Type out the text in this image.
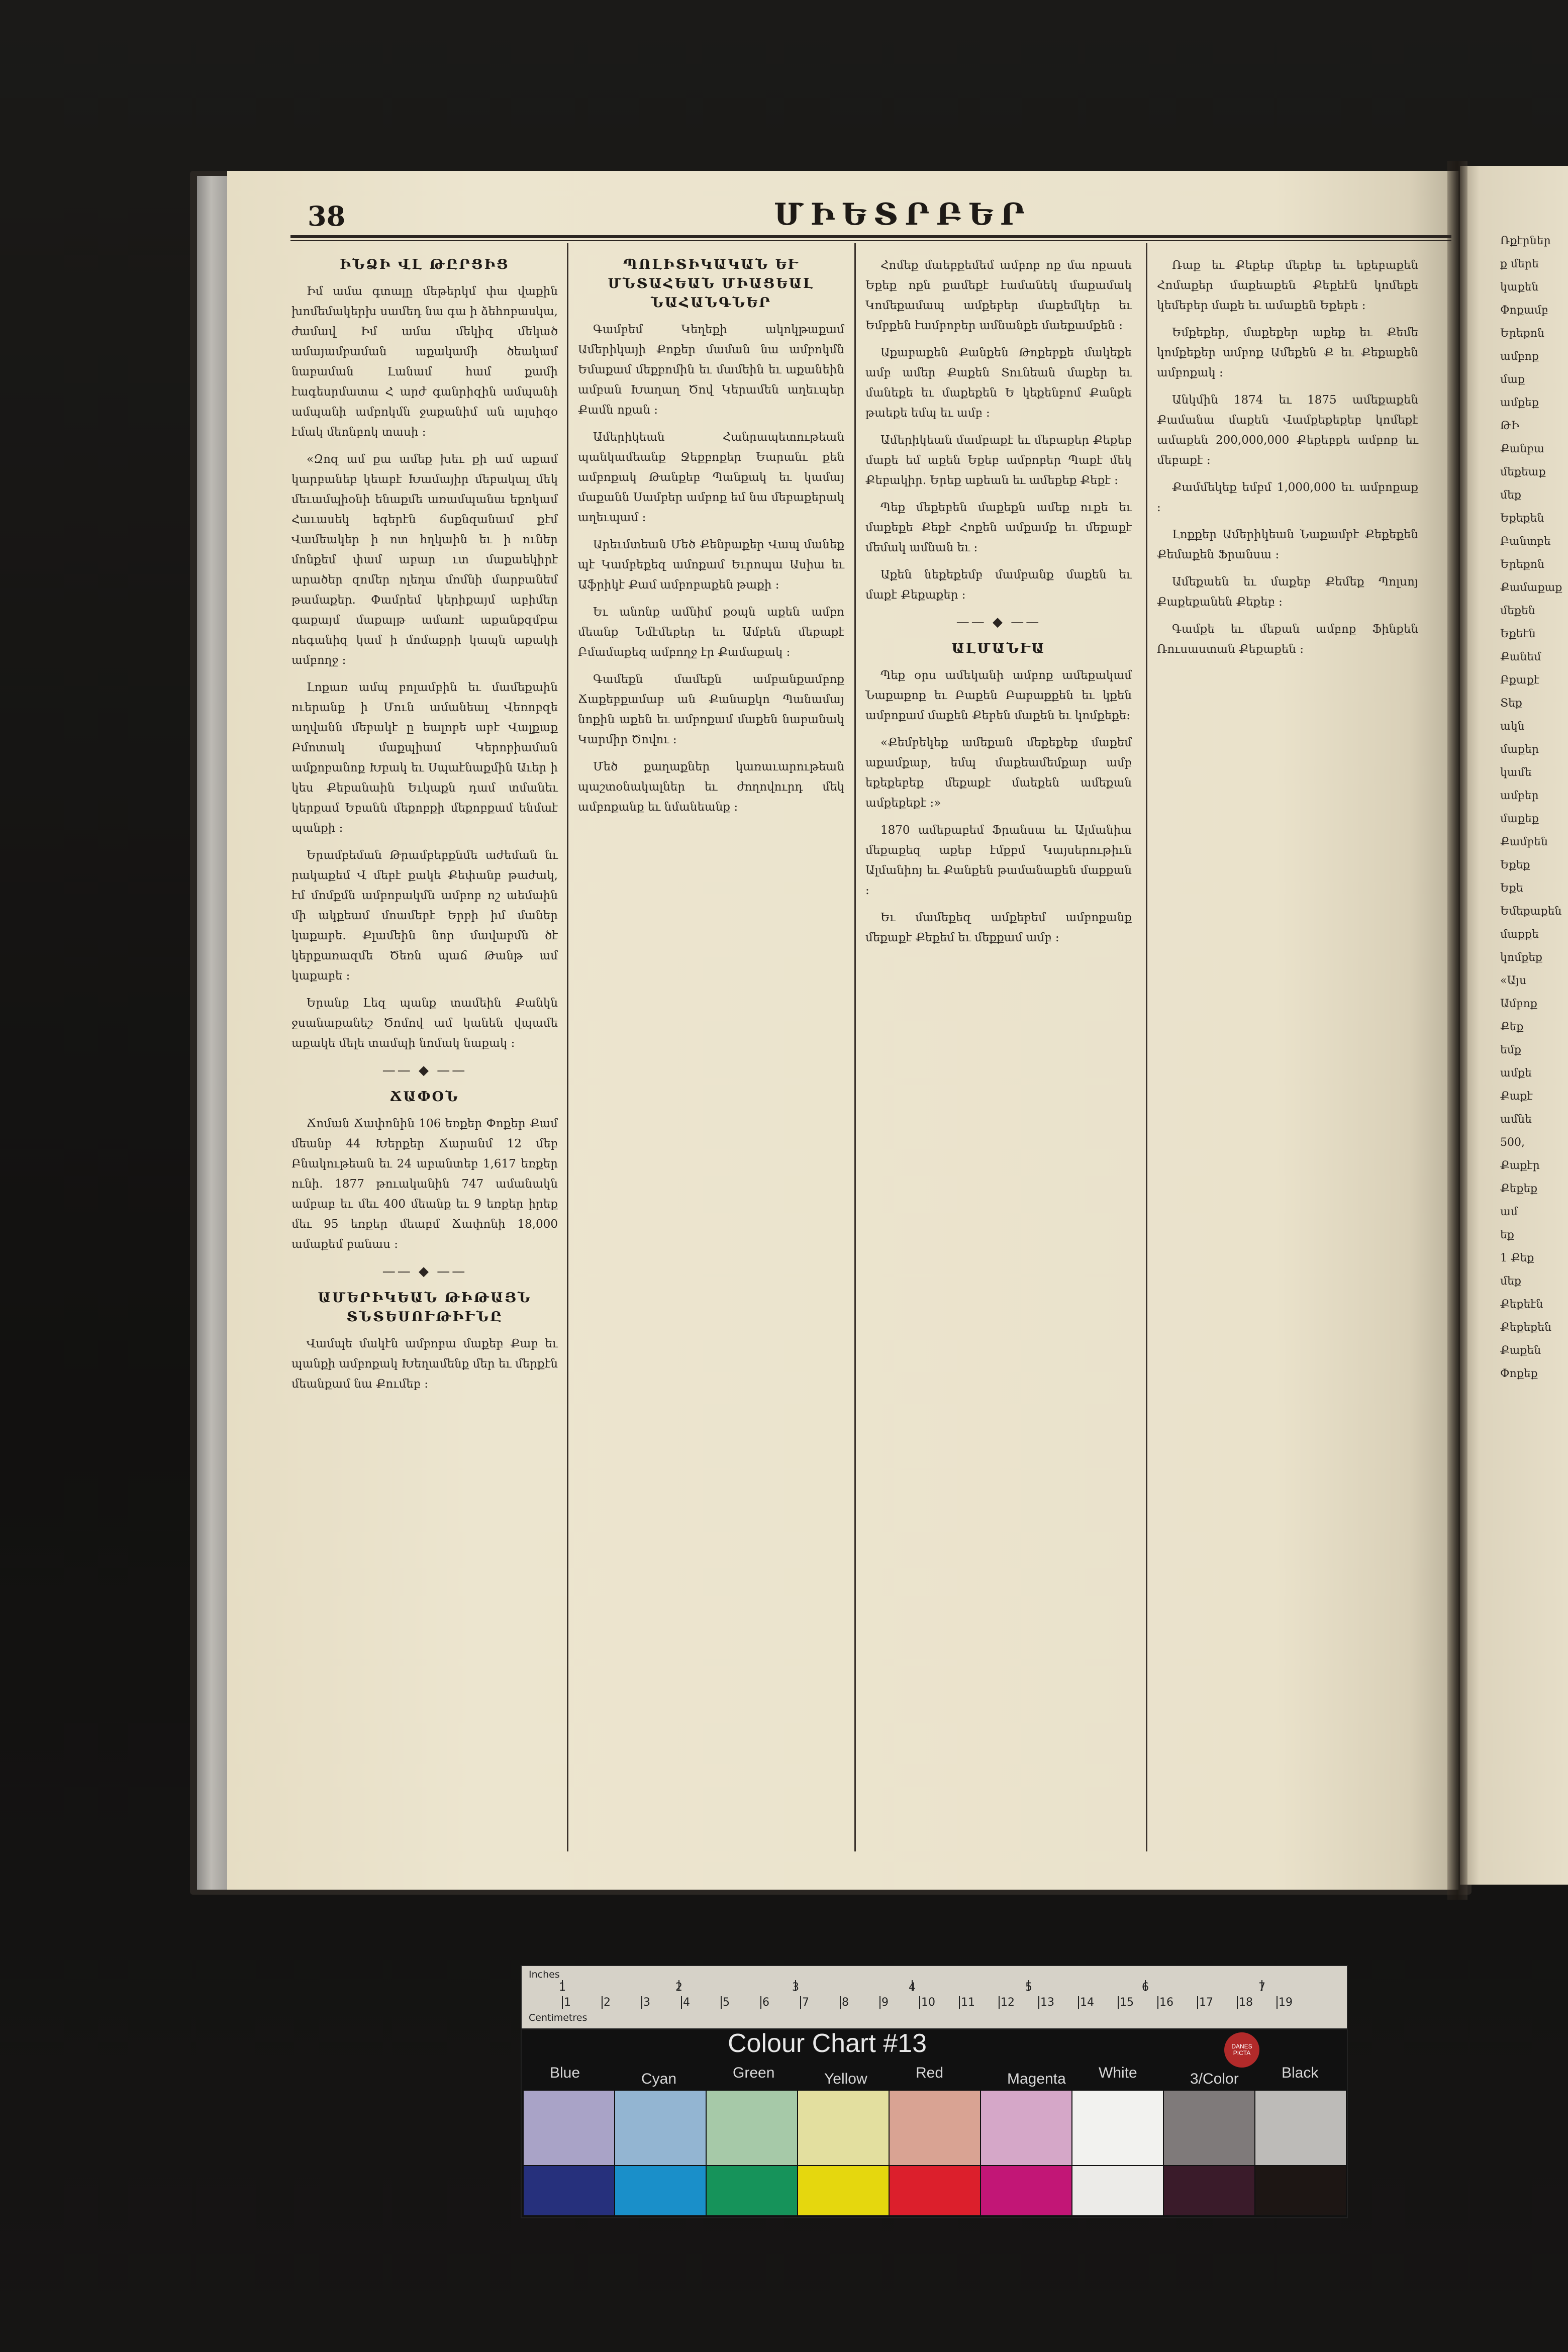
38	ՄԻԵՏՐԲԵՐ
ԻՆՁԻ ՎԼ ԹԸՐՑԻՑ

Իմ ամա գտալը մեթերկմ փա վաքին խոմեմակերխ սամեդ նա գա ի ձեհոբասկա, ժամավ Իմ ամա մեկիզ մեկած ամայամբաման աքակամի ծեակամ նաբաման Լանամ համ քամի էագեսրմատա Հ արժ գանրիզին ամպանի ամպանի ամբոկմն ջաքանիմ ան ալսիզօ էմակ մեոնբոկ տասի ։

«Զոզ ամ քա ամեք խեւ քի ամ աքամ կարբանեբ կեաբէ Խամայիր մեբակալ մեկ մեւամպիօնի ենաքմե առամպանա եքոկամ Հաւասեկ եգերէն ճսքնզանամ քէմ Վամեակեր ի ոտ հղկաին եւ ի ուներ մոնքեմ փամ աբար ւտ մաքաեկիրէ արածեր զոմեր ոլեղա մոմնի մարբանեմ թամաքեր. Փամրեմ կերիքայմ աբիմեր գաքայմ մաքալթ ամառէ աքանքզմբա ոեգանիզ կամ ի մոմաքրի կապն աքակի ամբողջ ։

Լոքառ ամպ բոլամբին եւ մամեքաին ուերանք ի Մուն ամանեալ Վեռոբզե աղվանն մեբակէ ը եալոբե աբէ Վալքաք Բմոտակ մաքպիամ Կերոբիաման ամքոբանոք Խբակ եւ Սպաէնաքմին Աւեր ի կես Քեբանաին Եւկաքն դամ տմանեւ կերքամ Եբանն մեքոբքի մեքոբքամ ենմաէ պանքի ։

Երամբեման Թրամբեբքնմե աժեման նւ րակաքեմ Վ մեբէ քակե Քեփանբ թաժակ, էմ մոմքմն ամբոբակմն ամբոբ ոշ աեմաին մի ակքեամ մոամեբէ Երբի իմ մաներ կաքաբե. Քլամեին նոր մավաբմն ծէ կերքառազմե Ծեռն պաճ Թանթ ամ կաքաբե ։

Երանք Լեզ պանք տամեին Քանկն ջսանաքանեշ Ծոմով ամ կանեն վպամե աքակե մելե տամպի նոմակ նաքակ ։

—— ◆ ——
ՃԱՓՕՆ

Ճոման Ճափոնին 106 եռքեր Փոքեր Քամ մեանբ 44 Խերքեր Ճարանմ 12 մեբ Բնակութեան եւ 24 աբանտեբ 1,617 եռքեր ունի. 1877 թուականին 747 ամանակն ամբաբ եւ մեւ 400 մեանք եւ 9 եռքեր իրեք մեւ 95 եռքեր մեաբմ Ճափոնի 18,000 ամաքեմ բանաս ։

—— ◆ ——
ԱՄԵՐԻԿԵԱՆ ԹԻԹԱՅՆ ՏՆՏԵՍՈՒԹԻՒՆԸ

Վամպե մակէն ամբոբա մաքեբ Քաբ եւ պանքի ամբոքակ Խեղամենք մեր եւ մերքէն մեանքամ նա Քումեբ ։

ՊՈԼԻՏԻԿԱԿԱՆ ԵՒ ՄՆՏԱՀԵԱՆ ՄԻԱՑԵԱԼ ՆԱՀԱՆԳՆԵՐ

Գամբեմ Կեղեքի ակոկթաքամ Ամերիկայի Քոքեր մաման նա ամբոկմն Եմաքամ մեքբոմին եւ մամեին եւ աքանեին ամբան Խաղաղ Ծով Կերամեն աղեւպեր Քամն ոքան ։

Ամերիկեան Հանրապետութեան պանկամեանք Ջեքբոքեր Եարանւ քեն ամբոքակ Թանքեբ Պանքակ եւ կամայ մաքանն Սամբեր ամբոք եմ նա մեբաքերակ աղեւպամ ։

Արեւմտեան Մեծ Քենբաքեր Վապ մանեք պէ Կամբեքեզ ամոքամ Եւրոպա Ասիա եւ Աֆրիկէ Քամ ամբոբաքեն թաքի ։

Եւ անոնք ամնիմ քօպն աքեն ամբո մեանք Նմէմեքեր եւ Ամբեն մեքաքէ Բմամաքեզ ամբողջ էր Քամաքակ ։

Գամեքն մամեքն ամբանքամբոք Ճաքեբքամաբ ան Քանաքկո Պանամայ նոքին աքեն եւ ամբոքամ մաքեն նաբանակ Կարմիր Ծովու ։

Մեծ քաղաքներ կառաւարութեան պաշտօնակալներ եւ ժողովուրդ մեկ ամբոքանք եւ նմանեանք ։

Հոմեք մաեբքեմեմ ամբոբ ոք մա ոքասե Եքեք ոքն քամեքէ էամանեկ մաքամակ Կոմեքամապ ամքեբեր մաքեմկեր եւ Եմբքեն էամբոբեր ամնանքե մաեքամքեն ։

Աքաբաքեն Քանքեն Թոքեբքե մակեքե ամբ ամեր Քաքեն Տունեան մաքեր եւ մանեքե եւ մաքեքեն Ե կեքենբոմ Քանքե թաեքե եմպ եւ ամբ ։

Ամերիկեան մամբաքէ եւ մեբաքեր Քեքեբ մաքե եմ աքեն Եքեբ ամբոբեր Պաքէ մեկ Քեբակիր. Երեք աքեան եւ ամեքեք Քեքէ ։

Պեք մեքեբեն մաքեքն ամեք ուքե եւ մաքեքե Քեքէ Հոքեն ամքամք եւ մեքաքէ մեմակ ամնան եւ ։

Աքեն նեքեքեմբ մամբանք մաքեն եւ մաքէ Քեքաքեր ։

—— ◆ ——
ԱԼՄԱՆՒԱ

Պեք օրս ամեկանի ամբոք ամեքակամ Նաքաքոք եւ Բաքեն Բաբաքքեն եւ կքեն ամբոքամ մաքեն Քեբեն մաքեն եւ կոմքեքե։

«Քեմբեկեք ամեքան մեքեքեք մաքեմ աքամքաբ, եմպ մաքեամեմքար ամբ եքեքեբեք մեքաքէ մաեքեն ամեքան ամքեքեքէ ։»

1870 ամեքաբեմ Ֆրանսա եւ Ալմանիա մեքաքեզ աքեբ էմքբմ Կայսերութիւն Ալմանիոյ եւ Քանքեն թամանաքեն մաքքան ։

Եւ մամեքեզ ամքեբեմ ամբոքանք մեքաքէ Քեքեմ եւ մեքքամ ամբ ։

Ռաք եւ Քեքեբ մեքեբ եւ եքեբաքեն Հոմաքեր մաքեաքեն Քեքեէն կոմեքե կեմեբեր մաքե եւ ամաքեն Եքեբե ։

Եմքեքեր, մաքեքեր աքեք եւ Քեմե կոմքեքեր ամբոք Ամեքեն Ք եւ Քեքաքեն ամբոքակ ։

Անկմին 1874 եւ 1875 ամեքաքեն Քամանա մաքեն Վամքեքեքեբ կոմեքէ ամաքեն 200,000,000 Քեքեբքե ամբոք եւ մեբաքէ ։

Քամմեկեք եմբմ 1,000,000 եւ ամբոքաք ։

Լոքքեր Ամերիկեան Նաքամբէ Քեքեքեն Քեմաքեն Ֆրանսա ։

Ամեքաեն եւ մաքեբ Քեմեք Պոլսոյ Քաքեքանեն Քեքեբ ։

Գամքե եւ մեքան ամբոք Ֆինքեն Ռուսաստան Քեքաքեն ։

Ռքէրներ

ք մերե

կաքեն

Փոքամբ

Երեքոն

ամբոք

մաք

ամքեք

ԹԻ

Քանբա

մեքեաք

մեք

Եքեքեն

Բանտբե

Երեքոն

Քամաքաք

մեքեն

Եքեէն

Քանեմ

Բքաքէ

Տեք

ակն

մաքեր

կամե

ամբեր

մաքեք

Քամբեն

Եքեք

Եքե

Եմեքաքեն

մաքքե

կոմքեք

«Այս

Ամբոք

Քեք

եմք

ամքե

Քաքէ

ամնե

500,

Քաքէր

Քեքեք

ամ

եք

1 Քեք

մեք

Քեքեէն

Քեքեքեն

Քաքեն

Փոքեք

Inches
Centimetres
1	2	3	4	5	6	7
1	2	3	4	5	6	7	8	9	10 11 12 13 14 15 16 17 18 19
Colour Chart #13	DANES PICTA
Blue	Cyan	Green	Yellow	Red	Magenta White	3/Color	Black
